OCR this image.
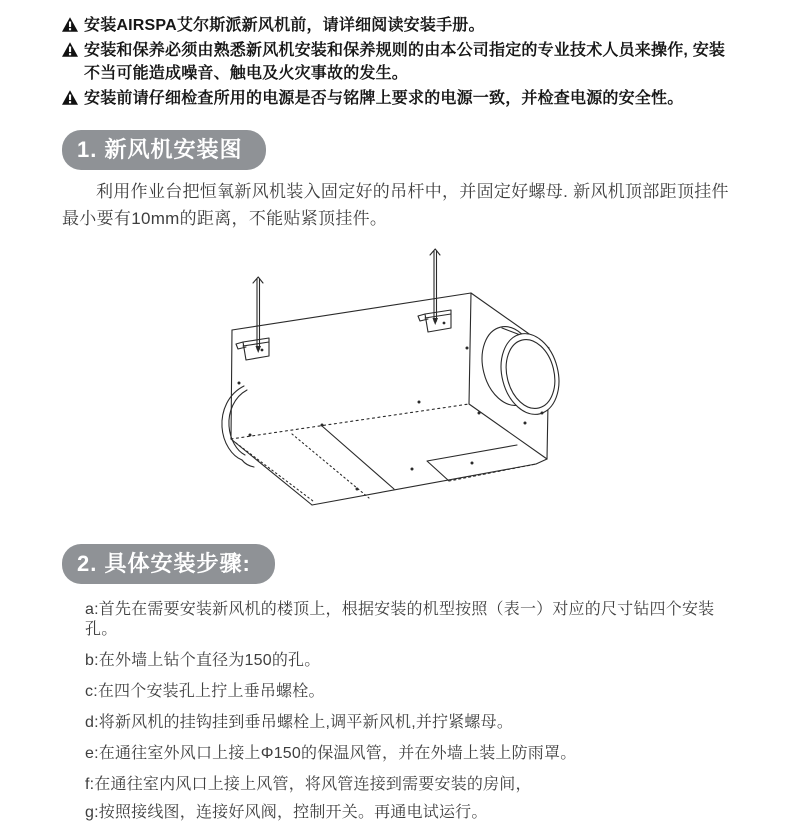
安装AIRSPA艾尔斯派新风机前，请详细阅读安装手册。
安装和保养必须由熟悉新风机安装和保养规则的由本公司指定的专业技术人员来操作, 安装不当可能造成噪音、触电及火灾事故的发生。
安装前请仔细检查所用的电源是否与铭牌上要求的电源一致，并检查电源的安全性。
1. 新风机安装图

利用作业台把恒氧新风机装入固定好的吊杆中，并固定好螺母. 新风机顶部距顶挂件最小要有10mm的距离，不能贴紧顶挂件。

2. 具体安装步骤:
a:首先在需要安装新风机的楼顶上，根据安装的机型按照（表一）对应的尺寸钻四个安装孔。
b:在外墙上钻个直径为150的孔。
c:在四个安装孔上拧上垂吊螺栓。
d:将新风机的挂钩挂到垂吊螺栓上,调平新风机,并拧紧螺母。
e:在通往室外风口上接上Φ150的保温风管，并在外墙上装上防雨罩。
f:在通往室内风口上接上风管，将风管连接到需要安装的房间，
g:按照接线图，连接好风阀，控制开关。再通电试运行。
